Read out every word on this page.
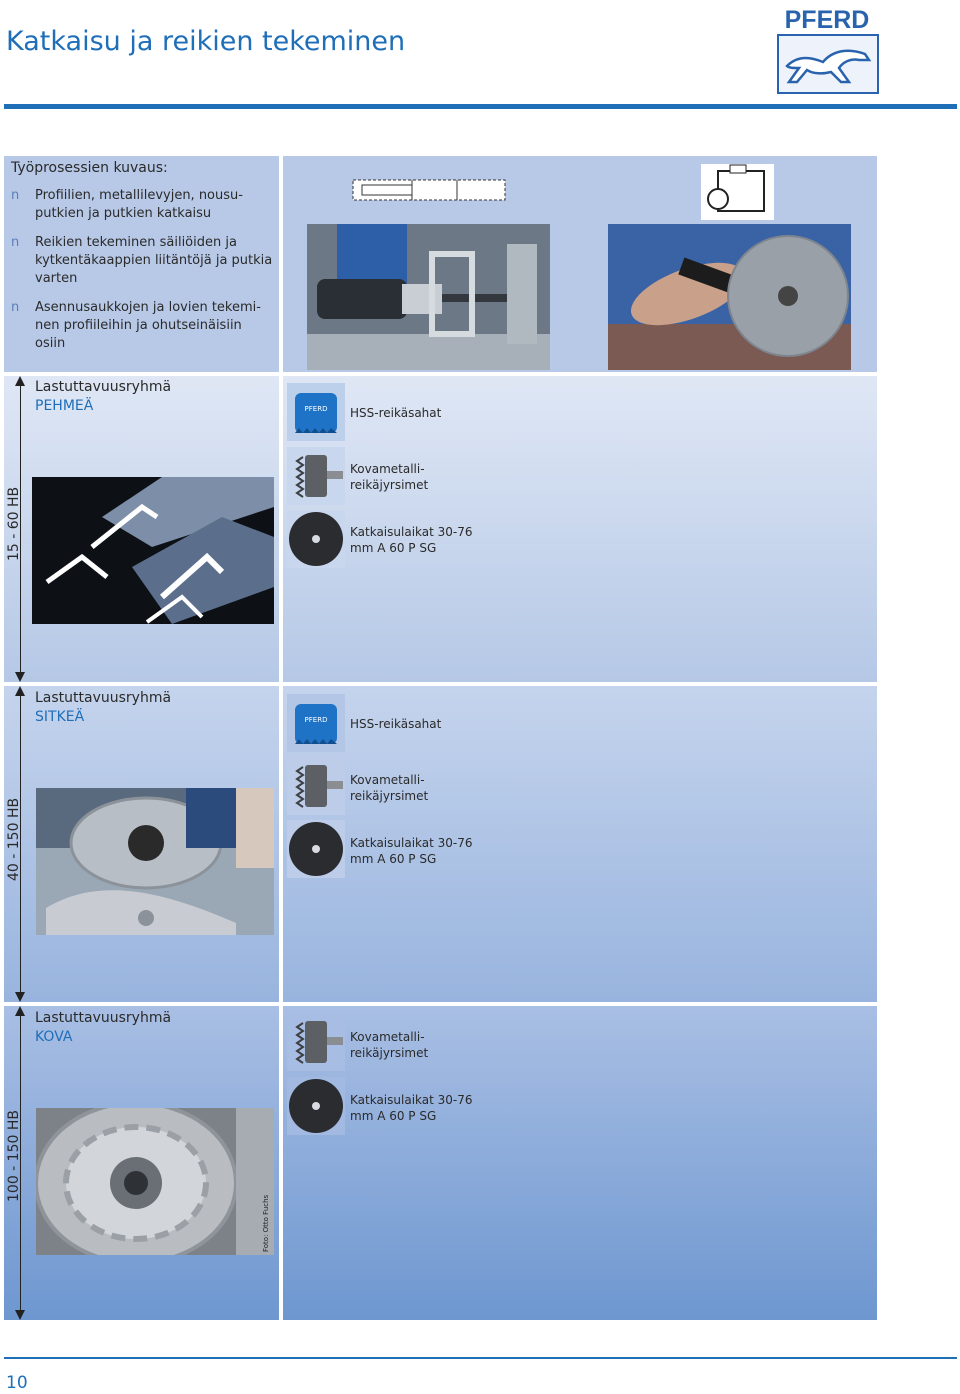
Katkaisu ja reikien tekeminen
PFERD
Työprosessien kuvaus:
n Profiilien, metallilevyjen, nousu-putkien ja putkien katkaisu
n Reikien tekeminen säiliöiden ja kytkentäkaappien liitäntöjä ja putkia varten
n Asennusaukkojen ja lovien tekemi-nen profiileihin ja ohutseinäisiin osiin
Lastuttavuusryhmä
PEHMEÄ
15 - 60 HB
PFERD HSS-reikäsahat
Kovametalli-reikäjyrsimet
Katkaisulaikat 30-76 mm A 60 P SG
Lastuttavuusryhmä
SITKEÄ
40 - 150 HB
PFERD HSS-reikäsahat
Kovametalli-reikäjyrsimet
Katkaisulaikat 30-76 mm A 60 P SG
Lastuttavuusryhmä
KOVA
100 - 150 HB
Foto: Otto Fuchs
Kovametalli-reikäjyrsimet
Katkaisulaikat 30-76 mm A 60 P SG
10
